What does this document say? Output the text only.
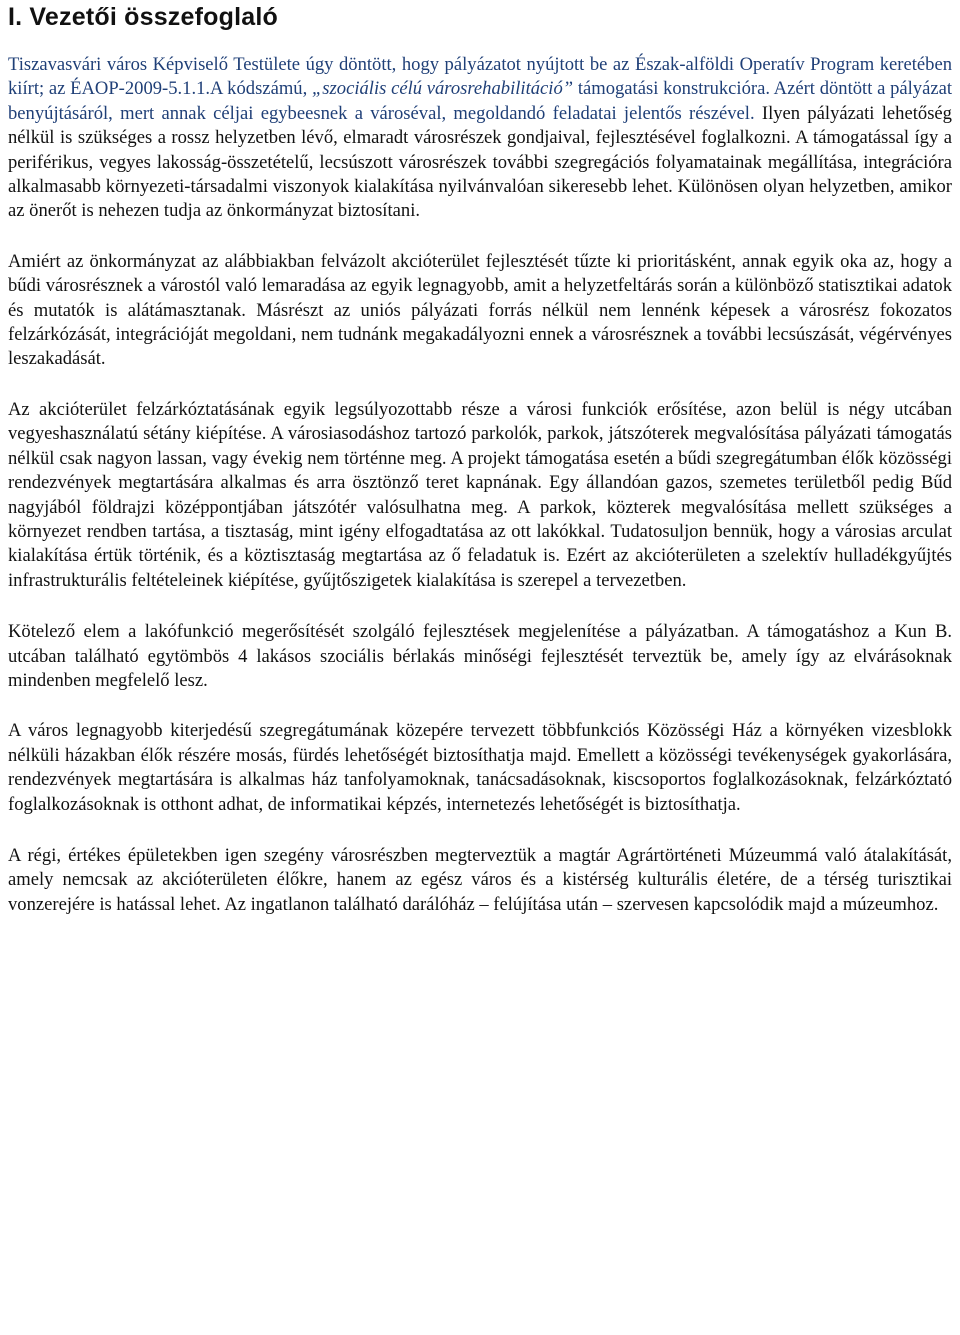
I. Vezetői összefoglaló

Tiszavasvári város Képviselő Testülete úgy döntött, hogy pályázatot nyújtott be az Észak-alföldi Operatív Program keretében kiírt; az ÉAOP-2009-5.1.1.A kódszámú, „szociális célú városrehabilitáció” támogatási konstrukcióra. Azért döntött a pályázat benyújtásáról, mert annak céljai egybeesnek a városéval, megoldandó feladatai jelentős részével. Ilyen pályázati lehetőség nélkül is szükséges a rossz helyzetben lévő, elmaradt városrészek gondjaival, fejlesztésével foglalkozni. A támogatással így a periférikus, vegyes lakosság-összetételű, lecsúszott városrészek további szegregációs folyamatainak megállítása, integrációra alkalmasabb környezeti-társadalmi viszonyok kialakítása nyilvánvalóan sikeresebb lehet. Különösen olyan helyzetben, amikor az önerőt is nehezen tudja az önkormányzat biztosítani.

Amiért az önkormányzat az alábbiakban felvázolt akcióterület fejlesztését tűzte ki prioritásként, annak egyik oka az, hogy a bűdi városrésznek a várostól való lemaradása az egyik legnagyobb, amit a helyzetfeltárás során a különböző statisztikai adatok és mutatók is alátámasztanak. Másrészt az uniós pályázati forrás nélkül nem lennénk képesek a városrész fokozatos felzárkózását, integrációját megoldani, nem tudnánk megakadályozni ennek a városrésznek a további lecsúszását, végérvényes leszakadását.

Az akcióterület felzárkóztatásának egyik legsúlyozottabb része a városi funkciók erősítése, azon belül is négy utcában vegyeshasználatú sétány kiépítése. A városiasodáshoz tartozó parkolók, parkok, játszóterek megvalósítása pályázati támogatás nélkül csak nagyon lassan, vagy évekig nem történne meg. A projekt támogatása esetén a bűdi szegregátumban élők közösségi rendezvények megtartására alkalmas és arra ösztönző teret kapnának. Egy állandóan gazos, szemetes területből pedig Bűd nagyjából földrajzi középpontjában játszótér valósulhatna meg. A parkok, közterek megvalósítása mellett szükséges a környezet rendben tartása, a tisztaság, mint igény elfogadtatása az ott lakókkal. Tudatosuljon bennük, hogy a városias arculat kialakítása értük történik, és a köztisztaság megtartása az ő feladatuk is. Ezért az akcióterületen a szelektív hulladékgyűjtés infrastrukturális feltételeinek kiépítése, gyűjtőszigetek kialakítása is szerepel a tervezetben.

Kötelező elem a lakófunkció megerősítését szolgáló fejlesztések megjelenítése a pályázatban. A támogatáshoz a Kun B. utcában található egytömbös 4 lakásos szociális bérlakás minőségi fejlesztését terveztük be, amely így az elvárásoknak mindenben megfelelő lesz.

A város legnagyobb kiterjedésű szegregátumának közepére tervezett többfunkciós Közösségi Ház a környéken vizesblokk nélküli házakban élők részére mosás, fürdés lehetőségét biztosíthatja majd. Emellett a közösségi tevékenységek gyakorlására, rendezvények megtartására is alkalmas ház tanfolyamoknak, tanácsadásoknak, kiscsoportos foglalkozásoknak, felzárkóztató foglalkozásoknak is otthont adhat, de informatikai képzés, internetezés lehetőségét is biztosíthatja.

A régi, értékes épületekben igen szegény városrészben megterveztük a magtár Agrártörténeti Múzeummá való átalakítását, amely nemcsak az akcióterületen élőkre, hanem az egész város és a kistérség kulturális életére, de a térség turisztikai vonzerejére is hatással lehet. Az ingatlanon található darálóház – felújítása után – szervesen kapcsolódik majd a múzeumhoz.
